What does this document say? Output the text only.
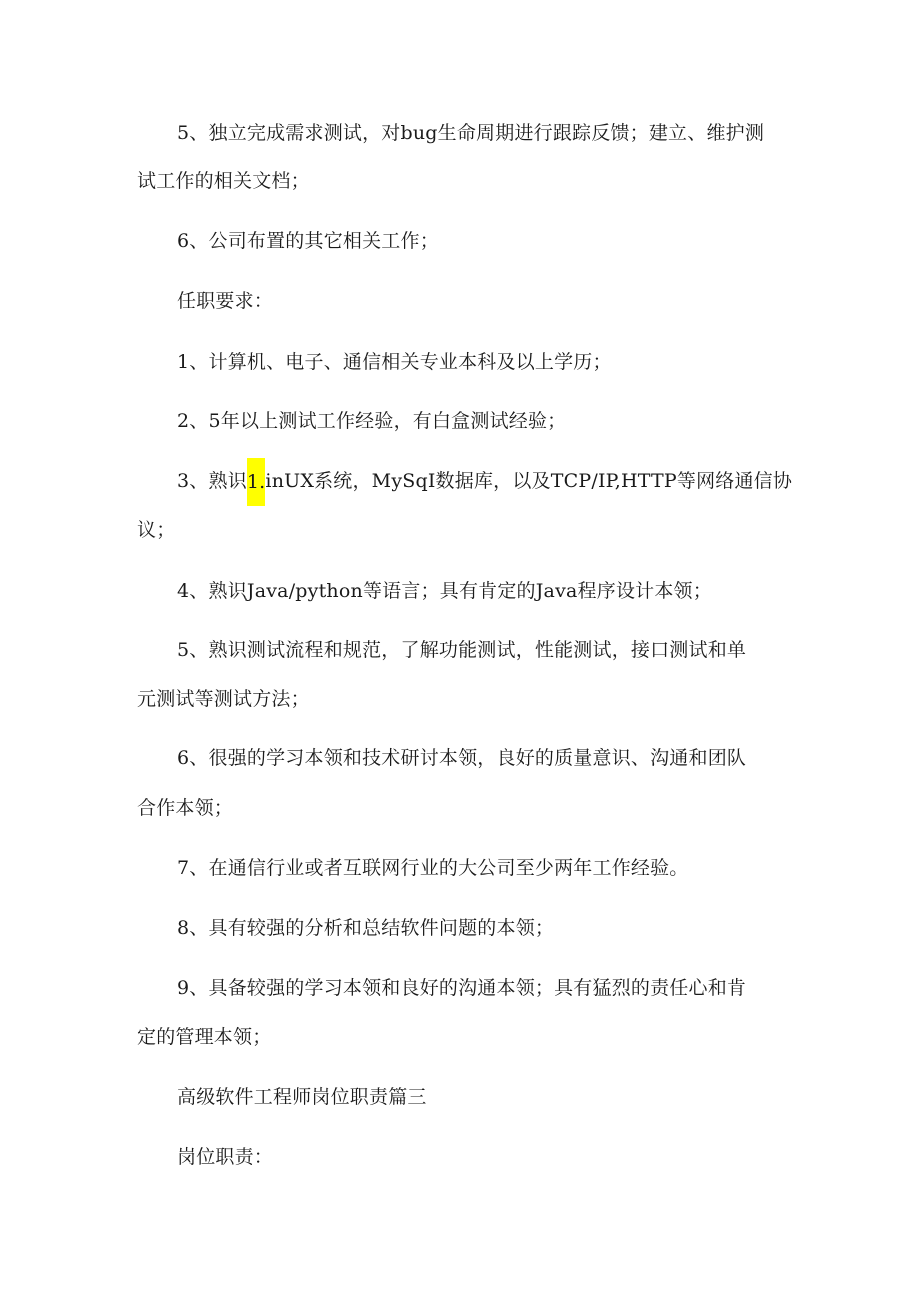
5、独立完成需求测试，对bug生命周期进行跟踪反馈；建立、维护测
试工作的相关文档；
6、公司布置的其它相关工作；
任职要求：
1、计算机、电子、通信相关专业本科及以上学历；
2、5年以上测试工作经验，有白盒测试经验；
3、熟识1.inUX系统，MySqI数据库，以及TCP/IP,HTTP等网络通信协
议；
4、熟识Java/python等语言；具有肯定的Java程序设计本领；
5、熟识测试流程和规范，了解功能测试，性能测试，接口测试和单
元测试等测试方法；
6、很强的学习本领和技术研讨本领，良好的质量意识、沟通和团队
合作本领；
7、在通信行业或者互联网行业的大公司至少两年工作经验。
8、具有较强的分析和总结软件问题的本领；
9、具备较强的学习本领和良好的沟通本领；具有猛烈的责任心和肯
定的管理本领；
高级软件工程师岗位职责篇三
岗位职责：
